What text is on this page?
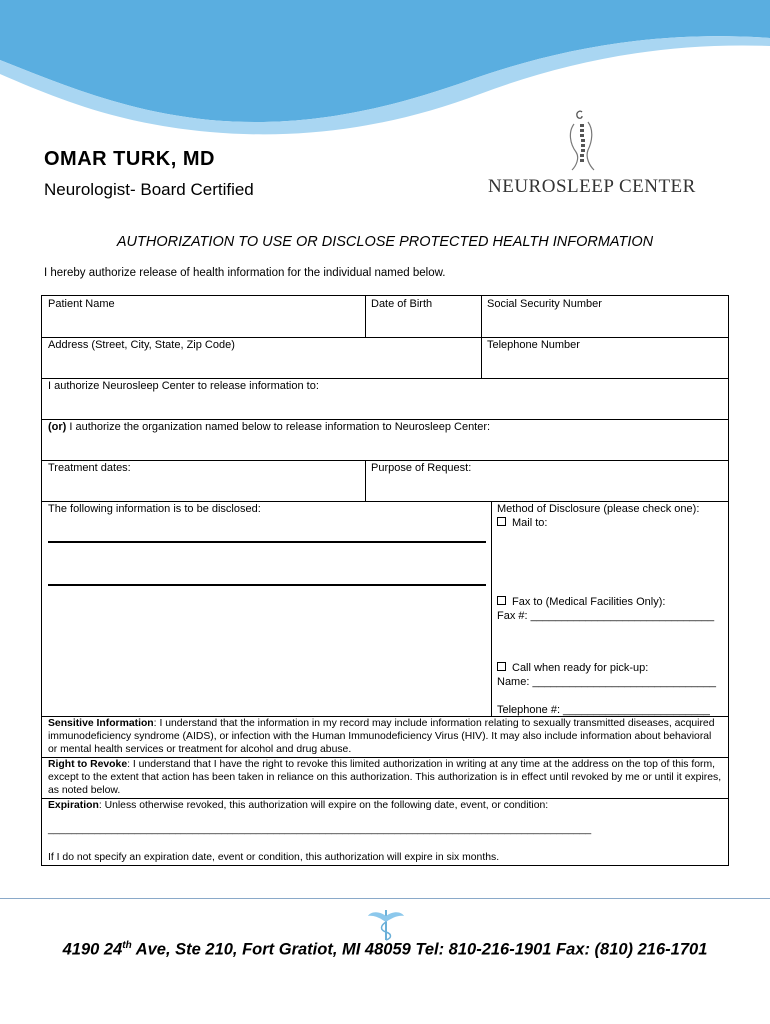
OMAR TURK, MD
Neurologist- Board Certified	NEUROSLEEP CENTER
AUTHORIZATION TO USE OR DISCLOSE PROTECTED HEALTH INFORMATION
I hereby authorize release of health information for the individual named below.
Patient Name	Date of Birth	Social Security Number
Address (Street, City, State, Zip Code)	Telephone Number
I authorize Neurosleep Center to release information to:
(or) I authorize the organization named below to release information to Neurosleep Center:
Treatment dates:	Purpose of Request:
The following information is to be disclosed:	Method of Disclosure (please check one):
Mail to:
Fax to (Medical Facilities Only):
Fax #: ______________________________
Call when ready for pick-up:
Name: ______________________________
Telephone #: ________________________
Sensitive Information: I understand that the information in my record may include information relating to sexually transmitted diseases, acquired immunodeficiency syndrome (AIDS), or infection with the Human Immunodeficiency Virus (HIV). It may also include information about behavioral or mental health services or treatment for alcohol and drug abuse.
Right to Revoke: I understand that I have the right to revoke this limited authorization in writing at any time at the address on the top of this form, except to the extent that action has been taken in reliance on this authorization. This authorization is in effect until revoked by me or until it expires, as noted below.
Expiration: Unless otherwise revoked, this authorization will expire on the following date, event, or condition:
______________________________________________________________________________________________
If I do not specify an expiration date, event or condition, this authorization will expire in six months.
4190 24th Ave, Ste 210, Fort Gratiot, MI 48059 Tel: 810-216-1901 Fax: (810) 216-1701
